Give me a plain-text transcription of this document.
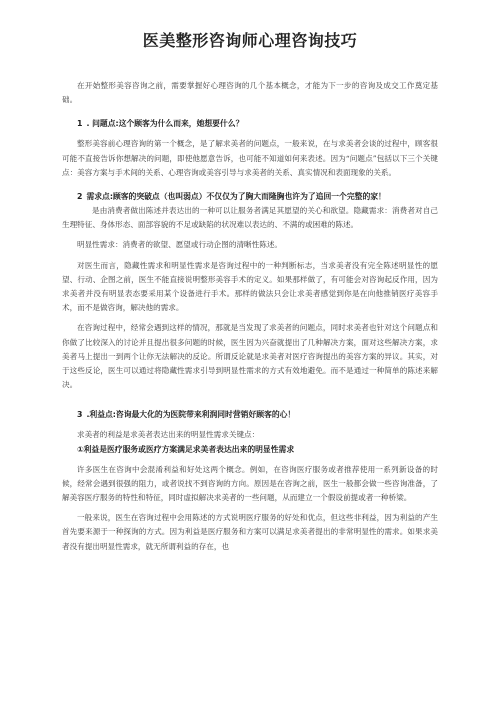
医美整形咨询师心理咨询技巧

在开始整形美容咨询之前，需要掌握好心理咨询的几个基本概念，才能为下一步的咨询及成交工作奠定基础。

1 . 问题点:这个顾客为什么而来，她想要什么？

整形美容前心理咨询的第一个概念，是了解求美者的问题点，一般来说，在与求美者会谈的过程中，顾客很可能不直接告诉你想解决的问题，即使他愿意告诉，也可能不知道如何来表述。因为“问题点”包括以下三个关键点：美容方案与手术间的关系、心理咨询或美容引导与求美者的关系、真实情况和表面现象的关系。

2 需求点:顾客的突破点（也叫弱点）不仅仅为了胸大而隆胸也许为了追回一个完整的家！

是由消费者做出陈述并表达出的一种可以让服务者满足其愿望的关心和欲望。隐藏需求：消费者对自己生理特征、身体形态、面部容貌的不足或缺陷的状况难以表达的、不满的或困难的陈述。

明显性需求：消费者的欲望、愿望或行动企图的清晰性陈述。

对医生而言，隐藏性需求和明显性需求是咨询过程中的一种判断标志，当求美者没有完全陈述明显性的愿望、行动、企图之前，医生不能直接说明整形美容手术的定义。如果那样做了，有可能会对咨询起反作用，因为求美者并没有明显表态要采用某个设备进行手术。那样的做法只会让求美者感觉到你是在向他推销医疗美容手术，而不是做咨询，解决他的需求。

在咨询过程中，经常会遇到这样的情况，那就是当发现了求美者的问题点，同时求美者也针对这个问题点和你做了比较深入的讨论并且提出很多问题的时候，医生因为兴奋就提出了几种解决方案，面对这些解决方案，求美者马上提出一到两个让你无法解决的反论。所谓反论就是求美者对医疗咨询提出的美容方案的异议。其实，对于这些反论，医生可以通过将隐藏性需求引导到明显性需求的方式有效地避免。而不是通过一种简单的陈述来解决。

3 .利益点:咨询最大化的为医院带来利润同时营销好顾客的心！

求美者的利益是求美者表达出来的明显性需求关键点：

①利益是医疗服务或医疗方案满足求美者表达出来的明显性需求

许多医生在咨询中会混淆利益和好处这两个概念。例如，在咨询医疗服务或者推荐使用一系列新设备的时候，经常会遇到很强的阻力，或者说找不到咨询的方向。原因是在咨询之前，医生一般都会做一些咨询准备，了解美容医疗服务的特性和特征，同时虚拟解决求美者的一些问题，从而建立一个假设前提或者一种桥梁。

一般来说，医生在咨询过程中会用陈述的方式说明医疗服务的好处和优点，但这些非利益，因为利益的产生首先要来源于一种探询的方式。因为利益是医疗服务和方案可以满足求美者提出的非常明显性的需求。如果求美者没有提出明显性需求，就无所谓利益的存在，也
